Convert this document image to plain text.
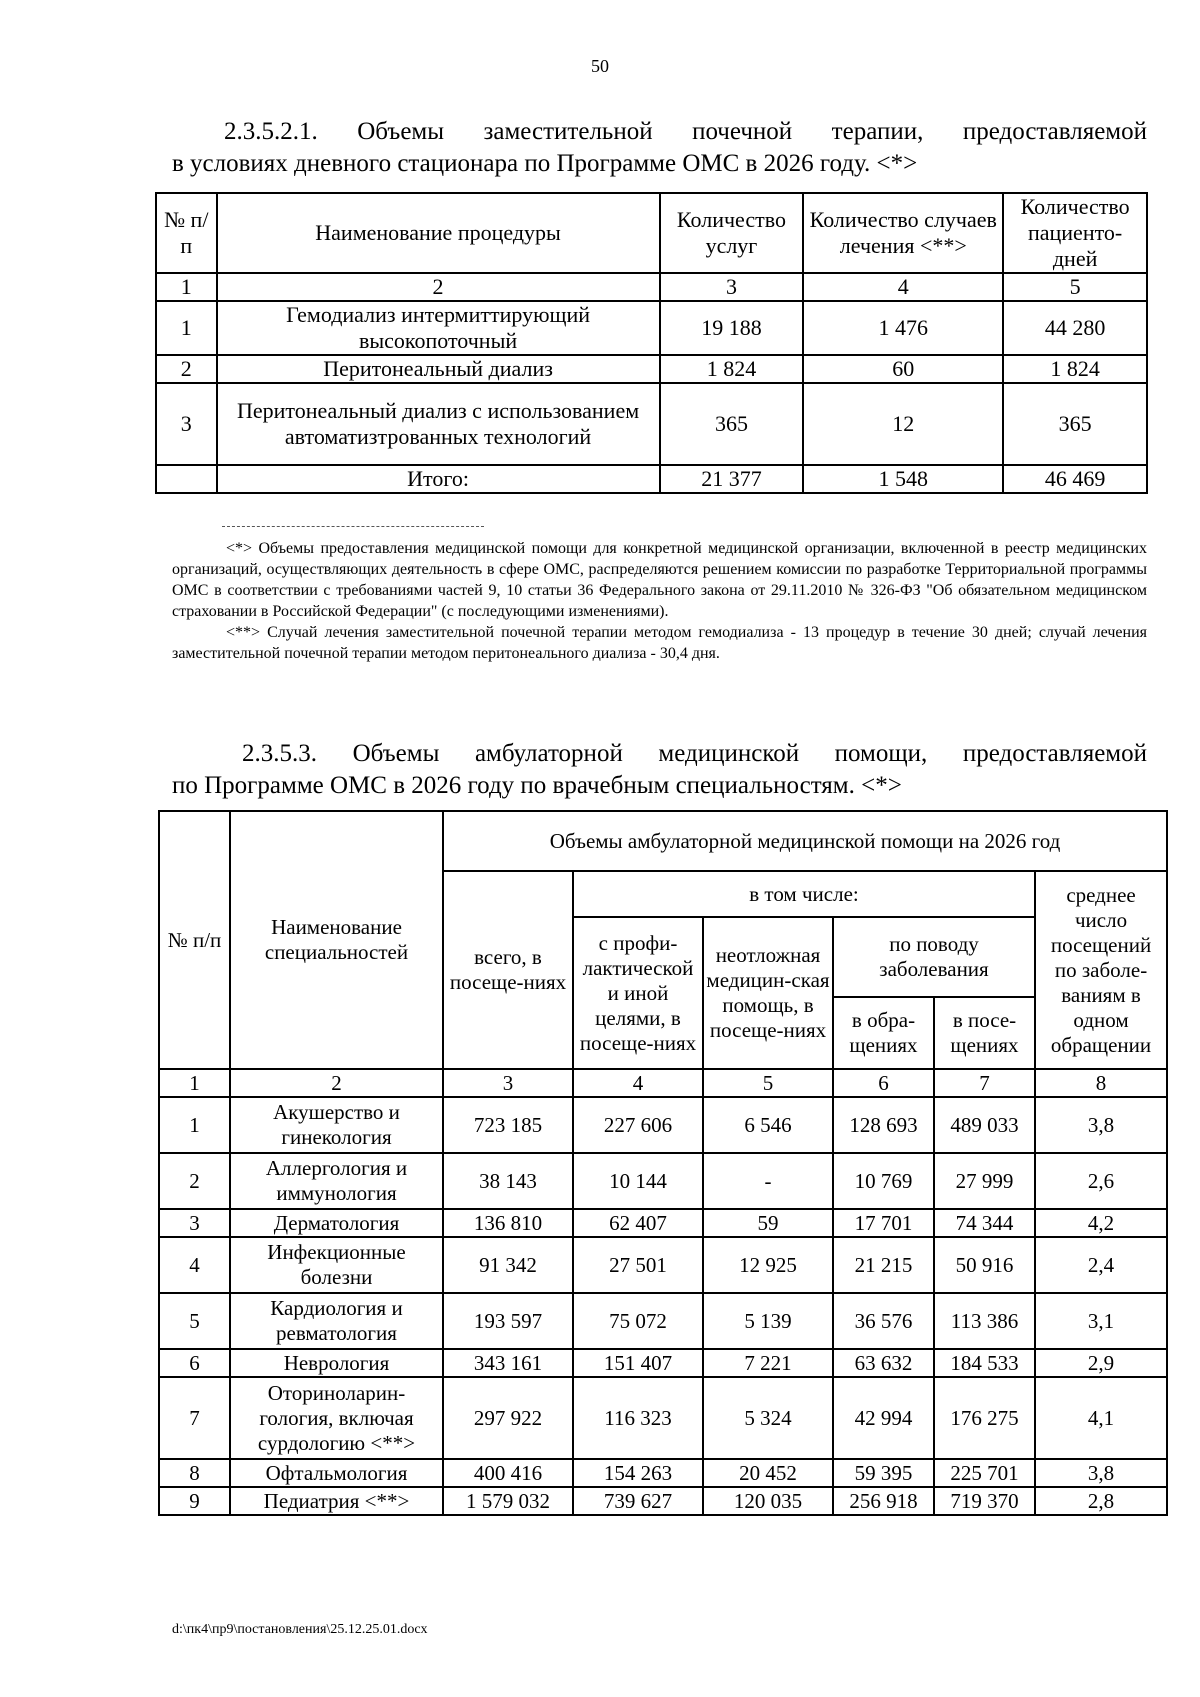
50
2.3.5.2.1. Объемы заместительной почечной терапии, предоставляемой
в условиях дневного стационара по Программе ОМС в 2026 году. <*>
№ п/п	Наименование процедуры	Количество услуг	Количество случаев лечения <**>	Количество пациенто-дней
1	2	3	4	5
1	Гемодиализ интермиттирующий высокопоточный	19 188	1 476	44 280
2	Перитонеальный диализ	1 824	60	1 824
3	Перитонеальный диализ с использованием автоматизтрованных технологий	365	12	365
	Итого:	21 377	1 548	46 469

<*> Объемы предоставления медицинской помощи для конкретной медицинской организации, включенной в реестр медицинских организаций, осуществляющих деятельность в сфере ОМС, распределяются решением комиссии по разработке Территориальной программы ОМС в соответствии с требованиями частей 9, 10 статьи 36 Федерального закона от 29.11.2010 № 326-ФЗ "Об обязательном медицинском страховании в Российской Федерации" (с последующими изменениями).

<**> Случай лечения заместительной почечной терапии методом гемодиализа - 13 процедур в течение 30 дней; случай лечения заместительной почечной терапии методом перитонеального диализа - 30,4 дня.

2.3.5.3. Объемы амбулаторной медицинской помощи, предоставляемой
по Программе ОМС в 2026 году по врачебным специальностям. <*>
№ п/п	Наименование специальностей	Объемы амбулаторной медицинской помощи на 2026 год					
		всего, в посеще-ниях	в том числе:				среднее число посещений по заболе-ваниям в одном обращении
			с профи-лактической и иной целями, в посеще-ниях	неотложная медицин-ская помощь, в посеще-ниях	по поводу заболевания		
					в обра-щениях	в посе-щениях	
1	2	3	4	5	6	7	8
1	Акушерство и гинекология	723 185	227 606	6 546	128 693	489 033	3,8
2	Аллергология и иммунология	38 143	10 144	-	10 769	27 999	2,6
3	Дерматология	136 810	62 407	59	17 701	74 344	4,2
4	Инфекционные болезни	91 342	27 501	12 925	21 215	50 916	2,4
5	Кардиология и ревматология	193 597	75 072	5 139	36 576	113 386	3,1
6	Неврология	343 161	151 407	7 221	63 632	184 533	2,9
7	Оториноларин-гология, включая сурдологию <**>	297 922	116 323	5 324	42 994	176 275	4,1
8	Офтальмология	400 416	154 263	20 452	59 395	225 701	3,8
9	Педиатрия <**>	1 579 032	739 627	120 035	256 918	719 370	2,8
d:\пк4\пр9\постановления\25.12.25.01.docx
